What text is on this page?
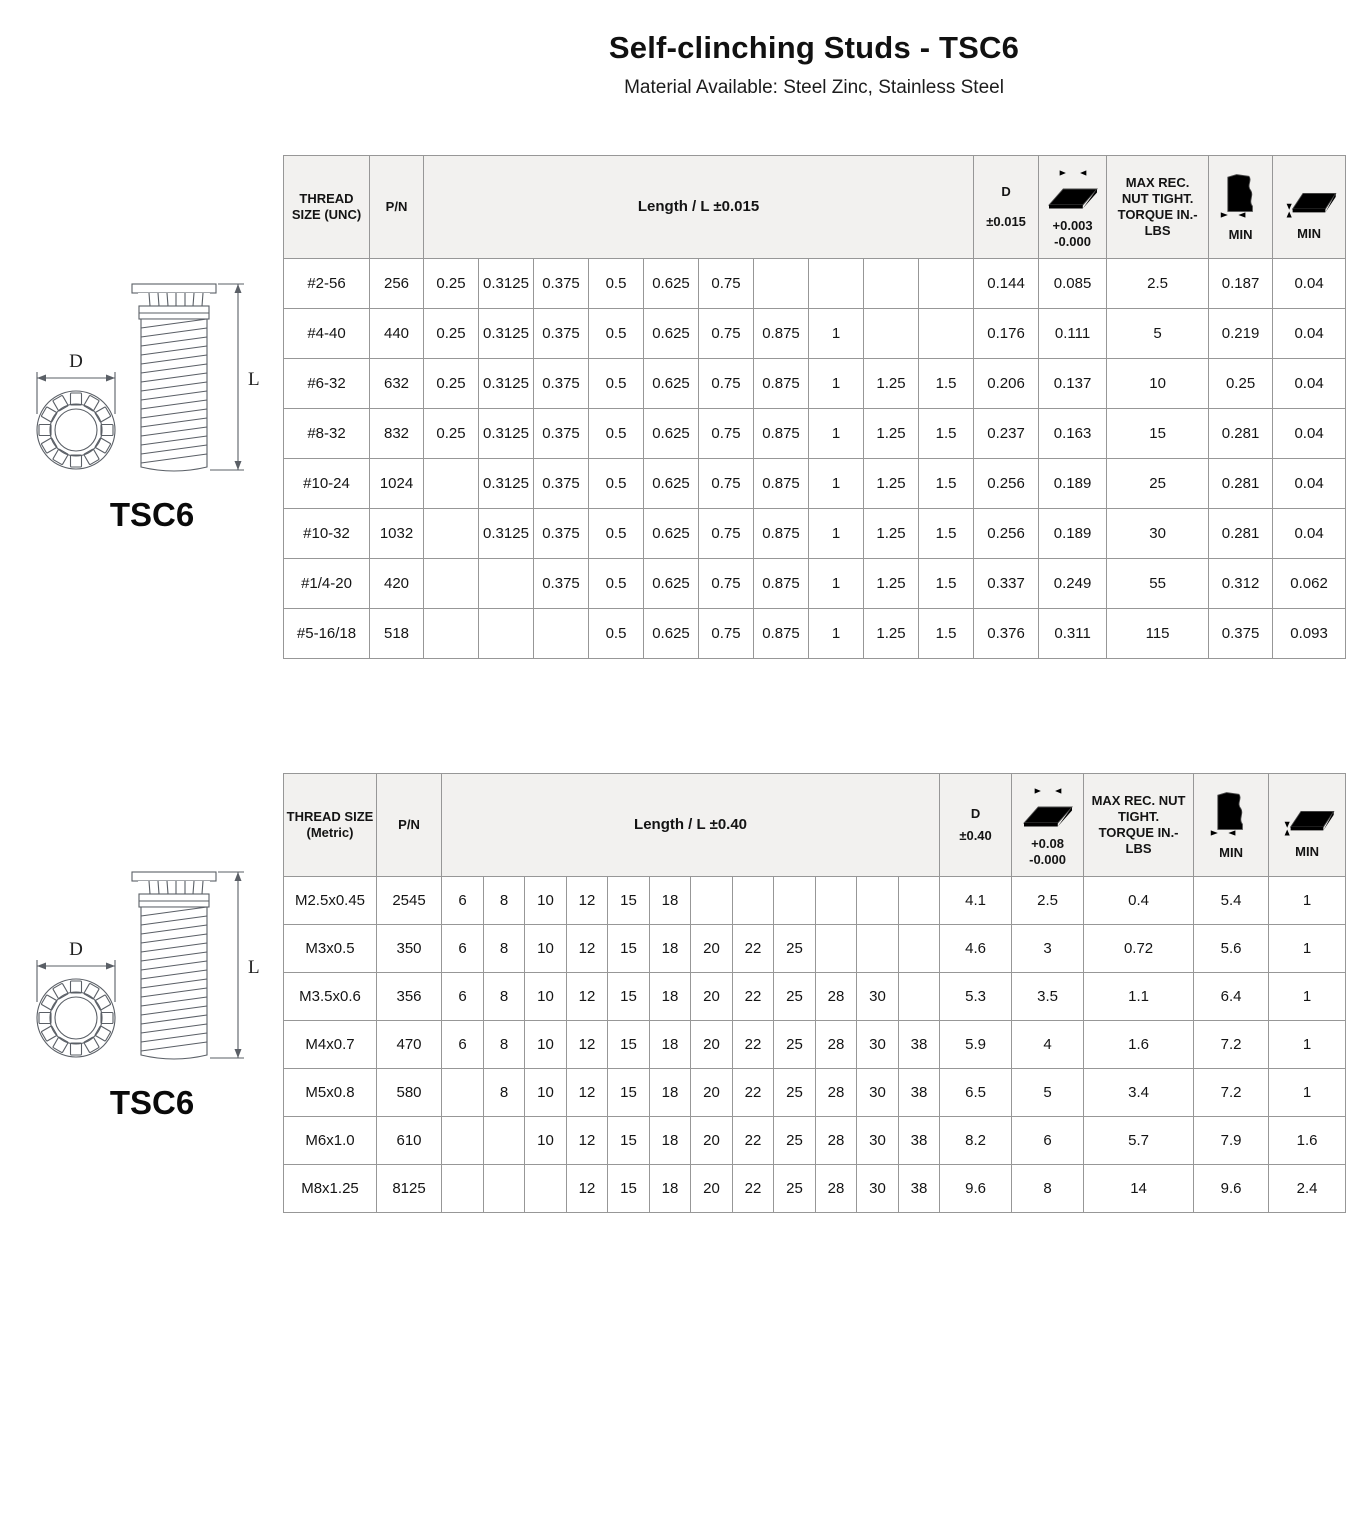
Self-clinching Studs - TSC6
Material Available: Steel Zinc, Stainless Steel
D
L
TSC6
THREAD SIZE (UNC)	P/N	Length / L ±0.015										D
±0.015	+0.003 -0.000	MAX REC. NUT TIGHT. TORQUE IN.-LBS	MIN	MIN

#2-56	256	0.25	0.3125	0.375	0.5	0.625	0.75					0.144	0.085	2.5	0.187	0.04
#4-40	440	0.25	0.3125	0.375	0.5	0.625	0.75	0.875	1			0.176	0.111	5	0.219	0.04
#6-32	632	0.25	0.3125	0.375	0.5	0.625	0.75	0.875	1	1.25	1.5	0.206	0.137	10	0.25	0.04
#8-32	832	0.25	0.3125	0.375	0.5	0.625	0.75	0.875	1	1.25	1.5	0.237	0.163	15	0.281	0.04
#10-24	1024		0.3125	0.375	0.5	0.625	0.75	0.875	1	1.25	1.5	0.256	0.189	25	0.281	0.04
#10-32	1032		0.3125	0.375	0.5	0.625	0.75	0.875	1	1.25	1.5	0.256	0.189	30	0.281	0.04
#1/4-20	420			0.375	0.5	0.625	0.75	0.875	1	1.25	1.5	0.337	0.249	55	0.312	0.062
#5-16/18	518				0.5	0.625	0.75	0.875	1	1.25	1.5	0.376	0.311	115	0.375	0.093
D
L
TSC6
THREAD SIZE (Metric)	P/N	Length / L ±0.40												D
±0.40	+0.08 -0.000	MAX REC. NUT TIGHT. TORQUE IN.-LBS	MIN	MIN

M2.5x0.45	2545	6	8	10	12	15	18							4.1	2.5	0.4	5.4	1
M3x0.5	350	6	8	10	12	15	18	20	22	25				4.6	3	0.72	5.6	1
M3.5x0.6	356	6	8	10	12	15	18	20	22	25	28	30		5.3	3.5	1.1	6.4	1
M4x0.7	470	6	8	10	12	15	18	20	22	25	28	30	38	5.9	4	1.6	7.2	1
M5x0.8	580		8	10	12	15	18	20	22	25	28	30	38	6.5	5	3.4	7.2	1
M6x1.0	610			10	12	15	18	20	22	25	28	30	38	8.2	6	5.7	7.9	1.6
M8x1.25	8125				12	15	18	20	22	25	28	30	38	9.6	8	14	9.6	2.4
